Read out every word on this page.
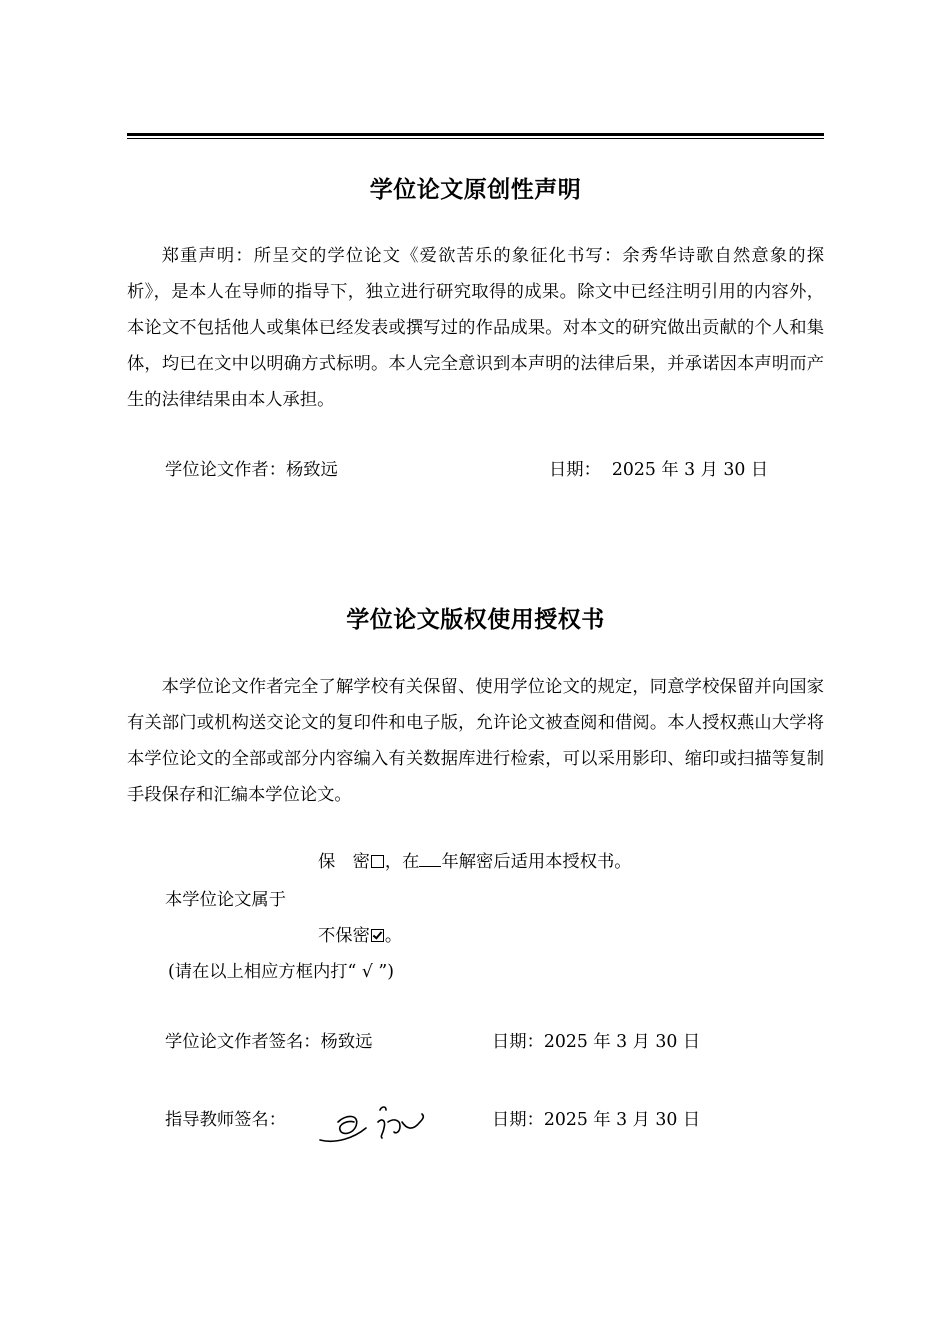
学位论文原创性声明

郑重声明：所呈交的学位论文《爱欲苦乐的象征化书写：余秀华诗歌自然意象的探析》，是本人在导师的指导下，独立进行研究取得的成果。除文中已经注明引用的内容外，本论文不包括他人或集体已经发表或撰写过的作品成果。对本文的研究做出贡献的个人和集体，均已在文中以明确方式标明。本人完全意识到本声明的法律后果，并承诺因本声明而产生的法律结果由本人承担。

学位论文作者：杨致远	日期： 2025 年 3 月 30 日
学位论文版权使用授权书

本学位论文作者完全了解学校有关保留、使用学位论文的规定，同意学校保留并向国家有关部门或机构送交论文的复印件和电子版，允许论文被查阅和借阅。本人授权燕山大学将本学位论文的全部或部分内容编入有关数据库进行检索，可以采用影印、缩印或扫描等复制手段保存和汇编本学位论文。

保　密 ，在 年解密后适用本授权书。
本学位论文属于
不保密 。
(请在以上相应方框内打“ √ ”)
学位论文作者签名：杨致远	日期：2025 年 3 月 30 日
指导教师签名：	日期：2025 年 3 月 30 日
